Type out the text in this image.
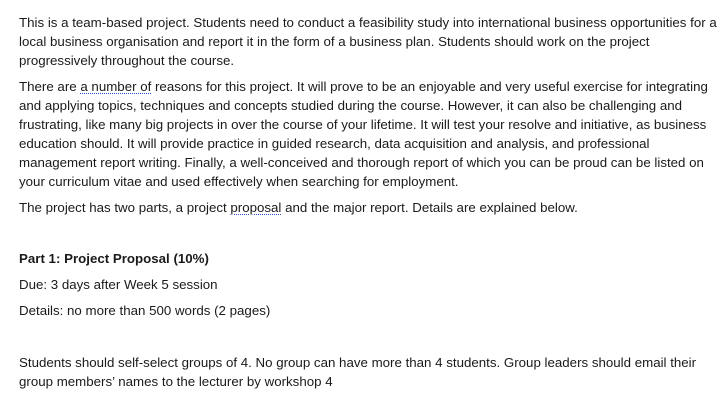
This is a team-based project. Students need to conduct a feasibility study into international business opportunities for a local business organisation and report it in the form of a business plan. Students should work on the project progressively throughout the course.

There are a number of reasons for this project. It will prove to be an enjoyable and very useful exercise for integrating and applying topics, techniques and concepts studied during the course. However, it can also be challenging and frustrating, like many big projects in over the course of your lifetime. It will test your resolve and initiative, as business education should. It will provide practice in guided research, data acquisition and analysis, and professional management report writing. Finally, a well-conceived and thorough report of which you can be proud can be listed on your curriculum vitae and used effectively when searching for employment.

The project has two parts, a project proposal and the major report. Details are explained below.

Part 1: Project Proposal (10%)

Due: 3 days after Week 5 session

Details: no more than 500 words (2 pages)

Students should self-select groups of 4. No group can have more than 4 students. Group leaders should email their group members’ names to the lecturer by workshop 4
